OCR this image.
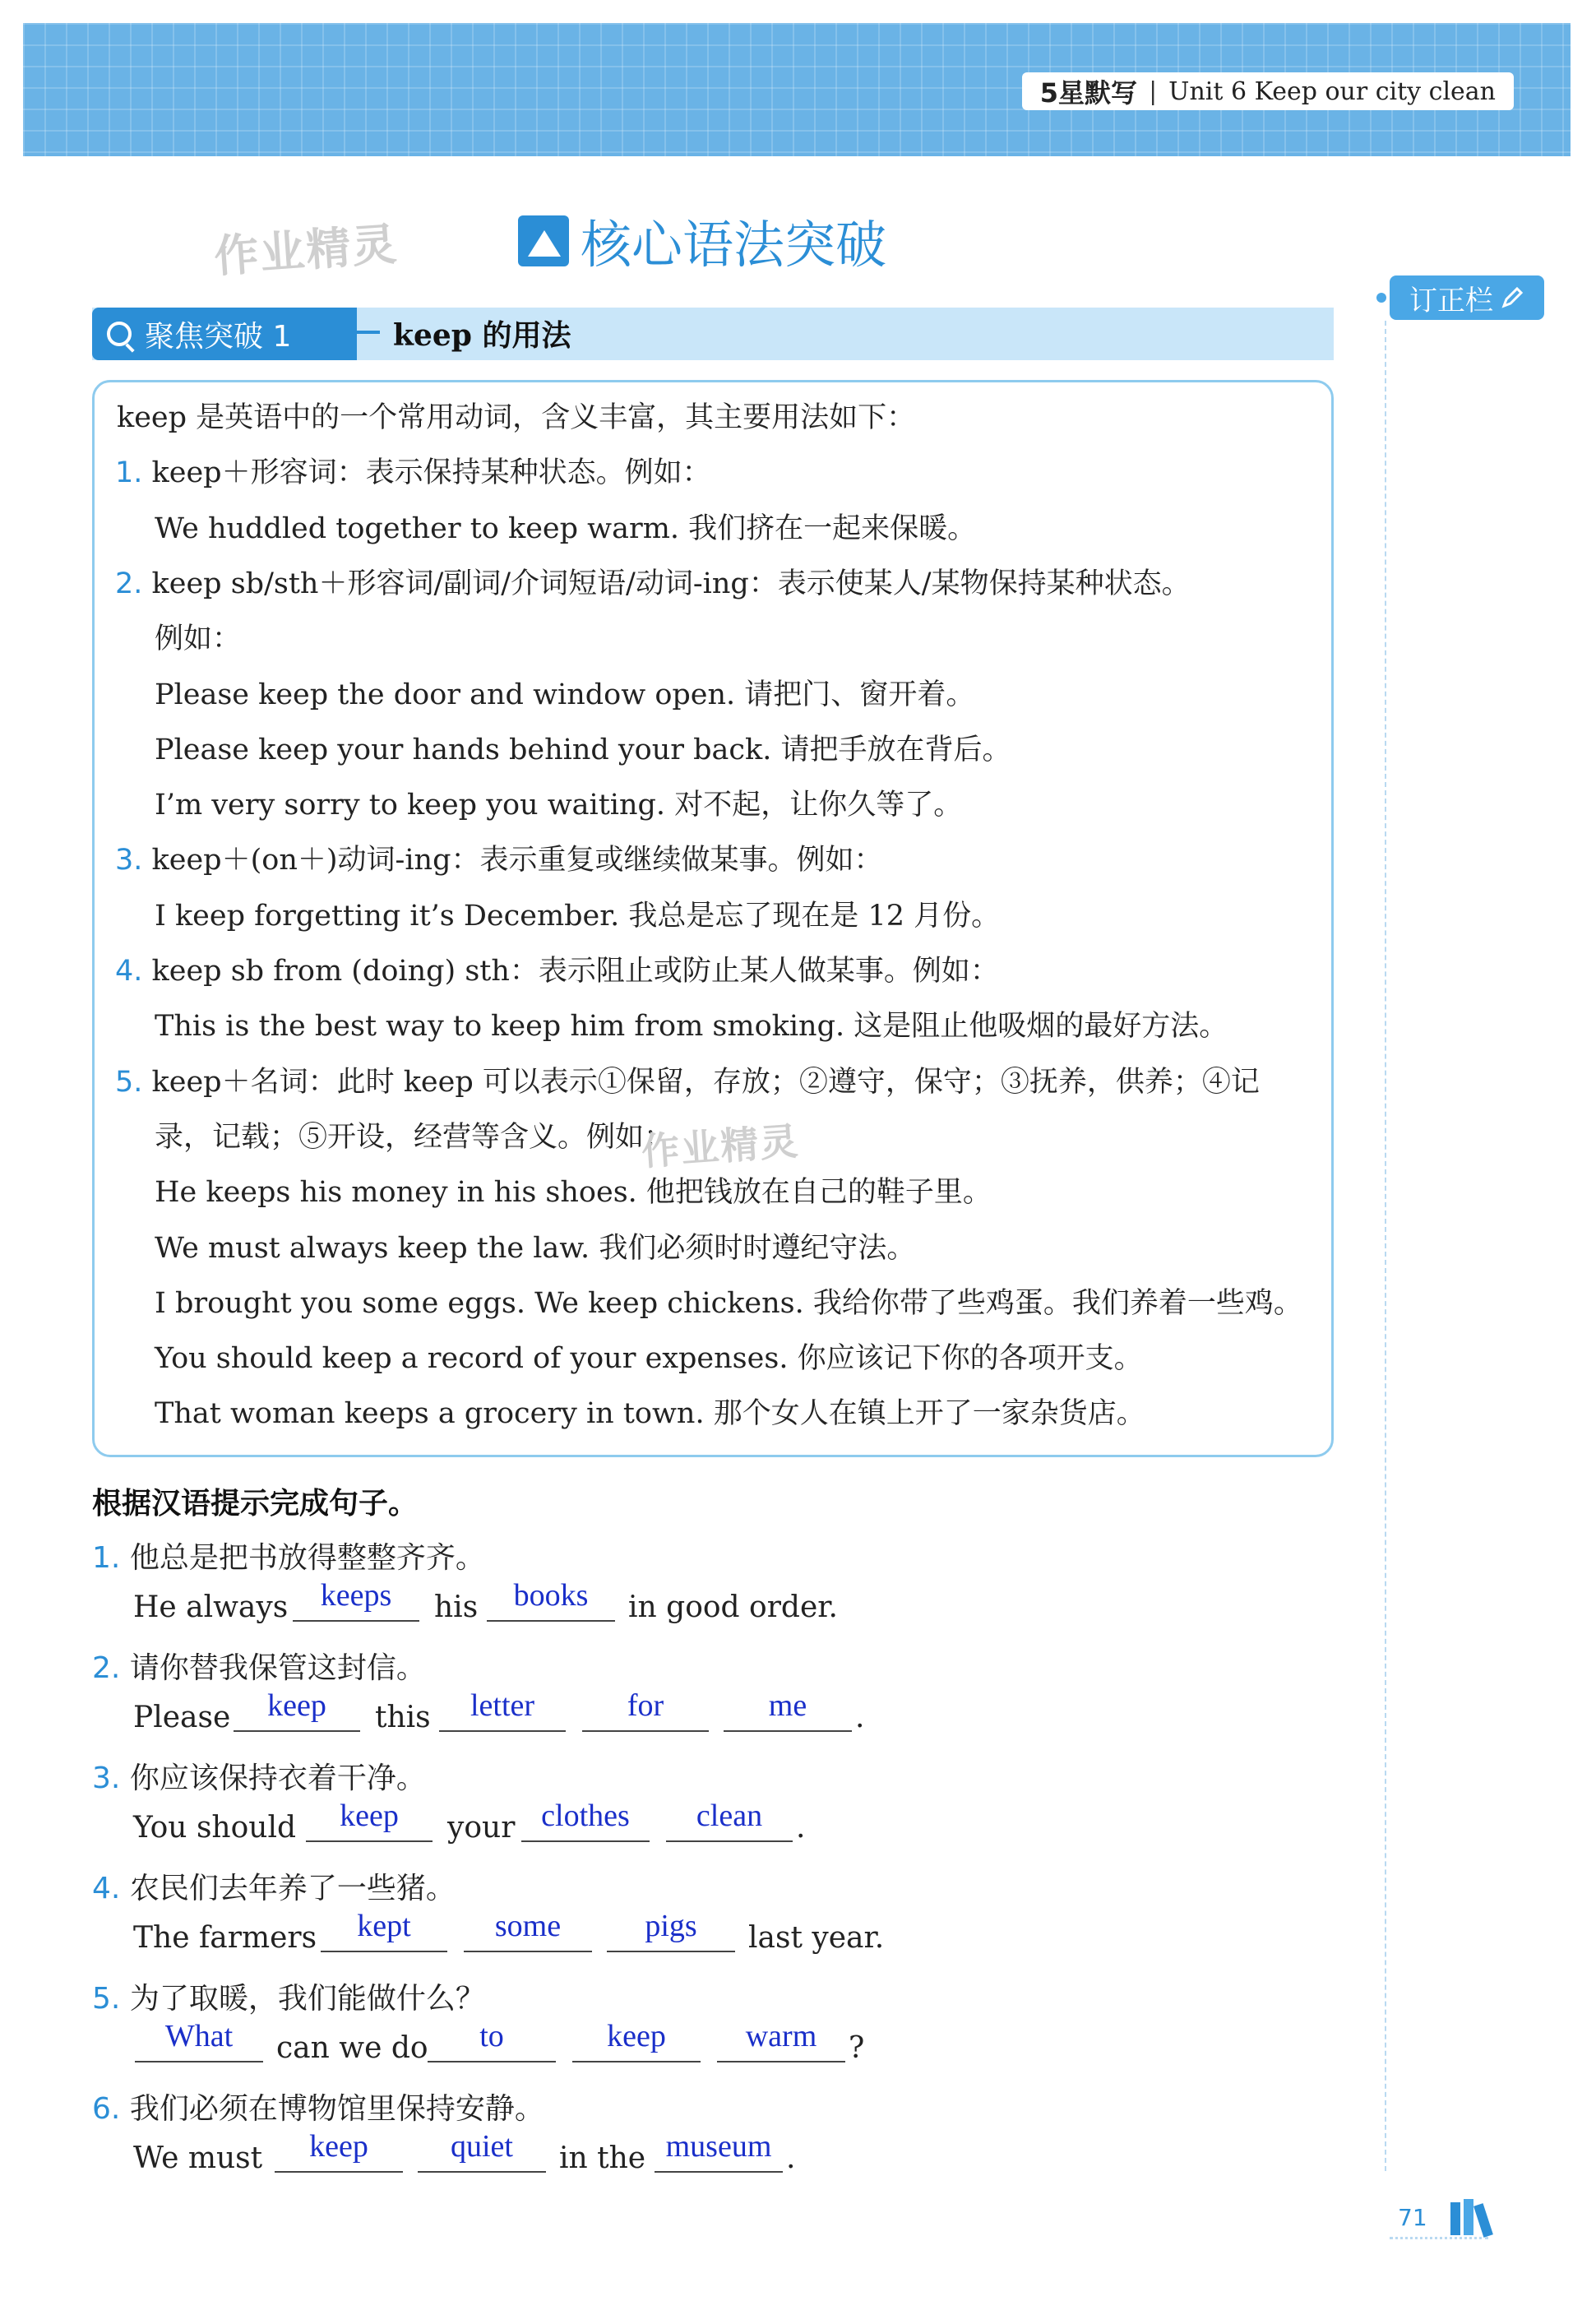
5星默写 | Unit 6 Keep our city clean
作业精灵	核心语法突破
订正栏
聚焦突破 1	keep 的用法
keep 是英语中的一个常用动词，含义丰富，其主要用法如下：
1. keep＋形容词：表示保持某种状态。例如：
We huddled together to keep warm. 我们挤在一起来保暖。
2. keep sb/sth＋形容词/副词/介词短语/动词-ing：表示使某人/某物保持某种状态。
例如：
Please keep the door and window open. 请把门、窗开着。
Please keep your hands behind your back. 请把手放在背后。
I’m very sorry to keep you waiting. 对不起，让你久等了。
3. keep＋(on＋)动词-ing：表示重复或继续做某事。例如：
I keep forgetting it’s December. 我总是忘了现在是 12 月份。
4. keep sb from (doing) sth：表示阻止或防止某人做某事。例如：
This is the best way to keep him from smoking. 这是阻止他吸烟的最好方法。
5. keep＋名词：此时 keep 可以表示①保留，存放；②遵守，保守；③抚养，供养；④记
录，记载；⑤开设，经营等含义。例如：
He keeps his money in his shoes. 他把钱放在自己的鞋子里。
We must always keep the law. 我们必须时时遵纪守法。
I brought you some eggs. We keep chickens. 我给你带了些鸡蛋。我们养着一些鸡。
You should keep a record of your expenses. 你应该记下你的各项开支。
That woman keeps a grocery in town. 那个女人在镇上开了一家杂货店。
作业精灵
根据汉语提示完成句子。
1. 他总是把书放得整整齐齐。
He always	keeps	his	books	in good order.
2. 请你替我保管这封信。
Please	keep	this	letter	for	me	.
3. 你应该保持衣着干净。
You should	keep	your clothes	clean	.
4. 农民们去年养了一些猪。
The farmers	kept	some	pigs	last year.
5. 为了取暖，我们能做什么？
What	can we do	to	keep	warm	?
6. 我们必须在博物馆里保持安静。
We must	keep	quiet	in the museum .
71
